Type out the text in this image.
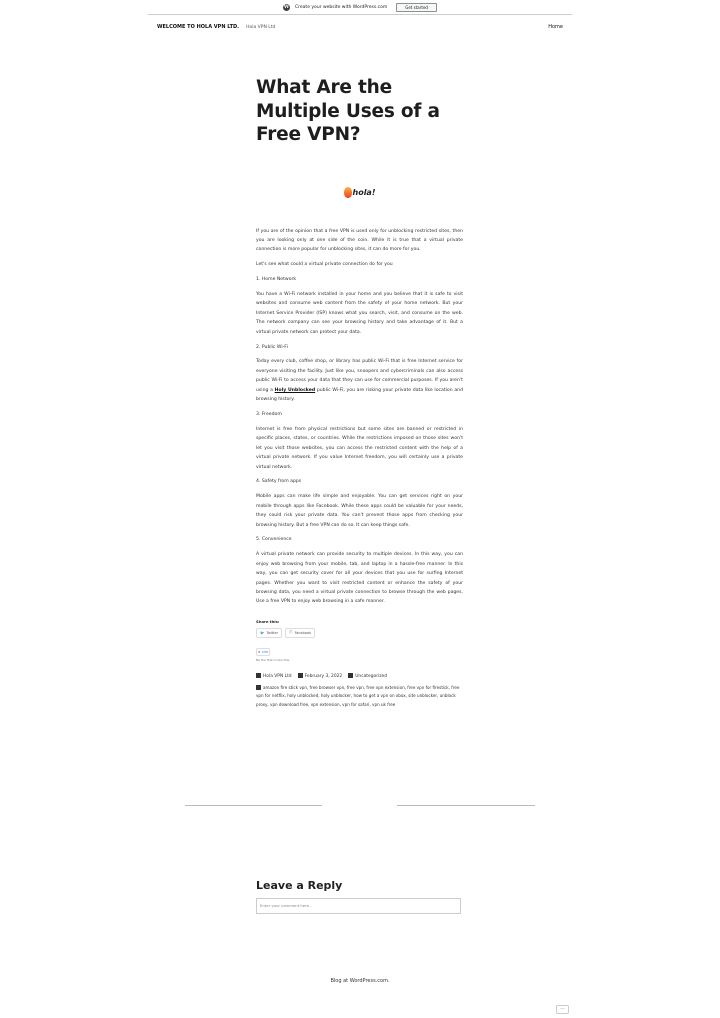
W Create your website with WordPress.com	Get started
WELCOME TO HOLA VPN LTD. Hola VPN Ltd	Home
What Are the
Multiple Uses of a
Free VPN?
hola!

If you are of the opinion that a free VPN is used only for unblocking restricted sites, then you are looking only at one side of the coin. While it is true that a virtual private connection is more popular for unblocking sites, it can do more for you.

Let's see what could a virtual private connection do for you

1. Home Network

You have a Wi-Fi network installed in your home and you believe that it is safe to visit websites and consume web content from the safety of your home network. But your Internet Service Provider (ISP) knows what you search, visit, and consume on the web. The network company can see your browsing history and take advantage of it. But a virtual private network can protect your data.

2. Public Wi-Fi

Today every club, coffee shop, or library has public Wi-Fi that is free Internet service for everyone visiting the facility. Just like you, snoopers and cybercriminals can also access public Wi-Fi to access your data that they can use for commercial purposes. If you aren't using a Holy Unblocked public Wi-Fi, you are risking your private data like location and browsing history.

3. Freedom

Internet is free from physical restrictions but some sites are banned or restricted in specific places, states, or countries. While the restrictions imposed on those sites won't let you visit those websites, you can access the restricted content with the help of a virtual private network. If you value Internet freedom, you will certainly use a private virtual network.

4. Safety from apps

Mobile apps can make life simple and enjoyable. You can get services right on your mobile through apps like Facebook. While these apps could be valuable for your needs, they could risk your private data. You can't prevent those apps from checking your browsing history. But a free VPN can do so. It can keep things safe.

5. Convenience

A virtual private network can provide security to multiple devices. In this way, you can enjoy web browsing from your mobile, tab, and laptop in a hassle-free manner. In this way, you can get security cover for all your devices that you use for surfing Internet pages. Whether you want to visit restricted content or enhance the safety of your browsing data, you need a virtual private connection to browse through the web pages. Use a free VPN to enjoy web browsing in a safe manner.

Share this:
🐦 Twitter	ⓕ Facebook
★ Like
Be the first to like this.
Hola VPN Ltd	February 3, 2022	Uncategorized
amazon fire stick vpn, free browser vpn, free vpn, free vpn extension, free vpn for firestick, free vpn for netflix, holy unblocked, holy unblocker, how to get a vpn on xbox, site unblocker, unblock proxy, vpn download free, vpn extension, vpn for safari, vpn uk free
Leave a Reply
Enter your comment here...
Blog at WordPress.com.
···
